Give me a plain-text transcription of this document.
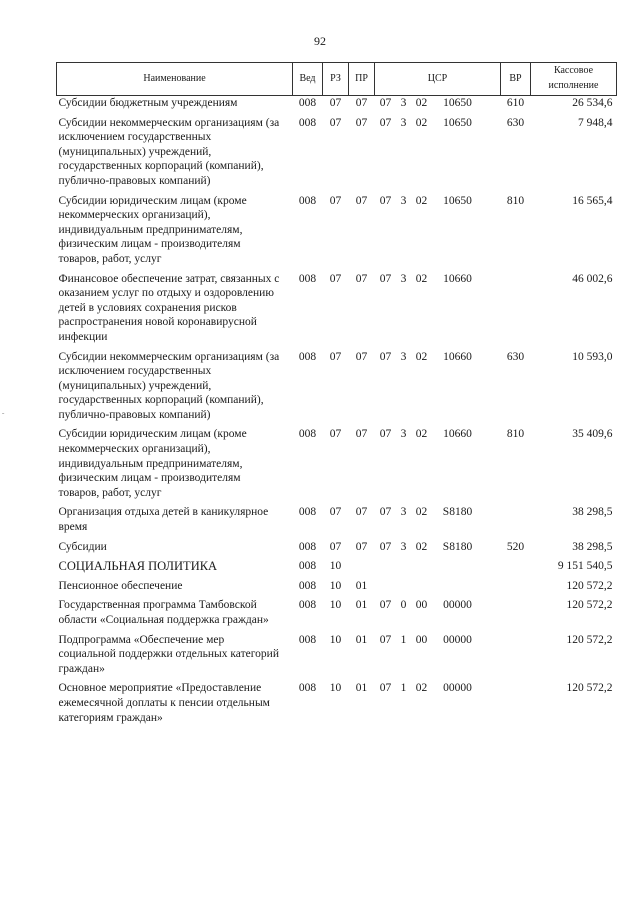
92
ˇ
Наименование	Вед	РЗ	ПР	ЦСР	ВР	Кассовое исполнение
Субсидии бюджетным учреждениям	008	07	07	07 3 02 10650	610	26 534,6
Субсидии некоммерческим организациям (за исключением государственных (муниципальных) учреждений, государственных корпораций (компаний), публично-правовых компаний)	008	07	07	07 3 02 10650	630	7 948,4
Субсидии юридическим лицам (кроме некоммерческих организаций), индивидуальным предпринимателям, физическим лицам - производителям товаров, работ, услуг	008	07	07	07 3 02 10650	810	16 565,4
Финансовое обеспечение затрат, связанных с оказанием услуг по отдыху и оздоровлению детей в условиях сохранения рисков распространения новой коронавирусной инфекции	008	07	07	07 3 02 10660		46 002,6
Субсидии некоммерческим организациям (за исключением государственных (муниципальных) учреждений, государственных корпораций (компаний), публично-правовых компаний)	008	07	07	07 3 02 10660	630	10 593,0
Субсидии юридическим лицам (кроме некоммерческих организаций), индивидуальным предпринимателям, физическим лицам - производителям товаров, работ, услуг	008	07	07	07 3 02 10660	810	35 409,6
Организация отдыха детей в каникулярное время	008	07	07	07 3 02 S8180		38 298,5
Субсидии	008	07	07	07 3 02 S8180	520	38 298,5
СОЦИАЛЬНАЯ ПОЛИТИКА	008	10				9 151 540,5
Пенсионное обеспечение	008	10	01			120 572,2
Государственная программа Тамбовской области «Социальная поддержка граждан»	008	10	01	07 0 00 00000		120 572,2
Подпрограмма «Обеспечение мер социальной поддержки отдельных категорий граждан»	008	10	01	07 1 00 00000		120 572,2
Основное мероприятие «Предоставление ежемесячной доплаты к пенсии отдельным категориям граждан»	008	10	01	07 1 02 00000		120 572,2
